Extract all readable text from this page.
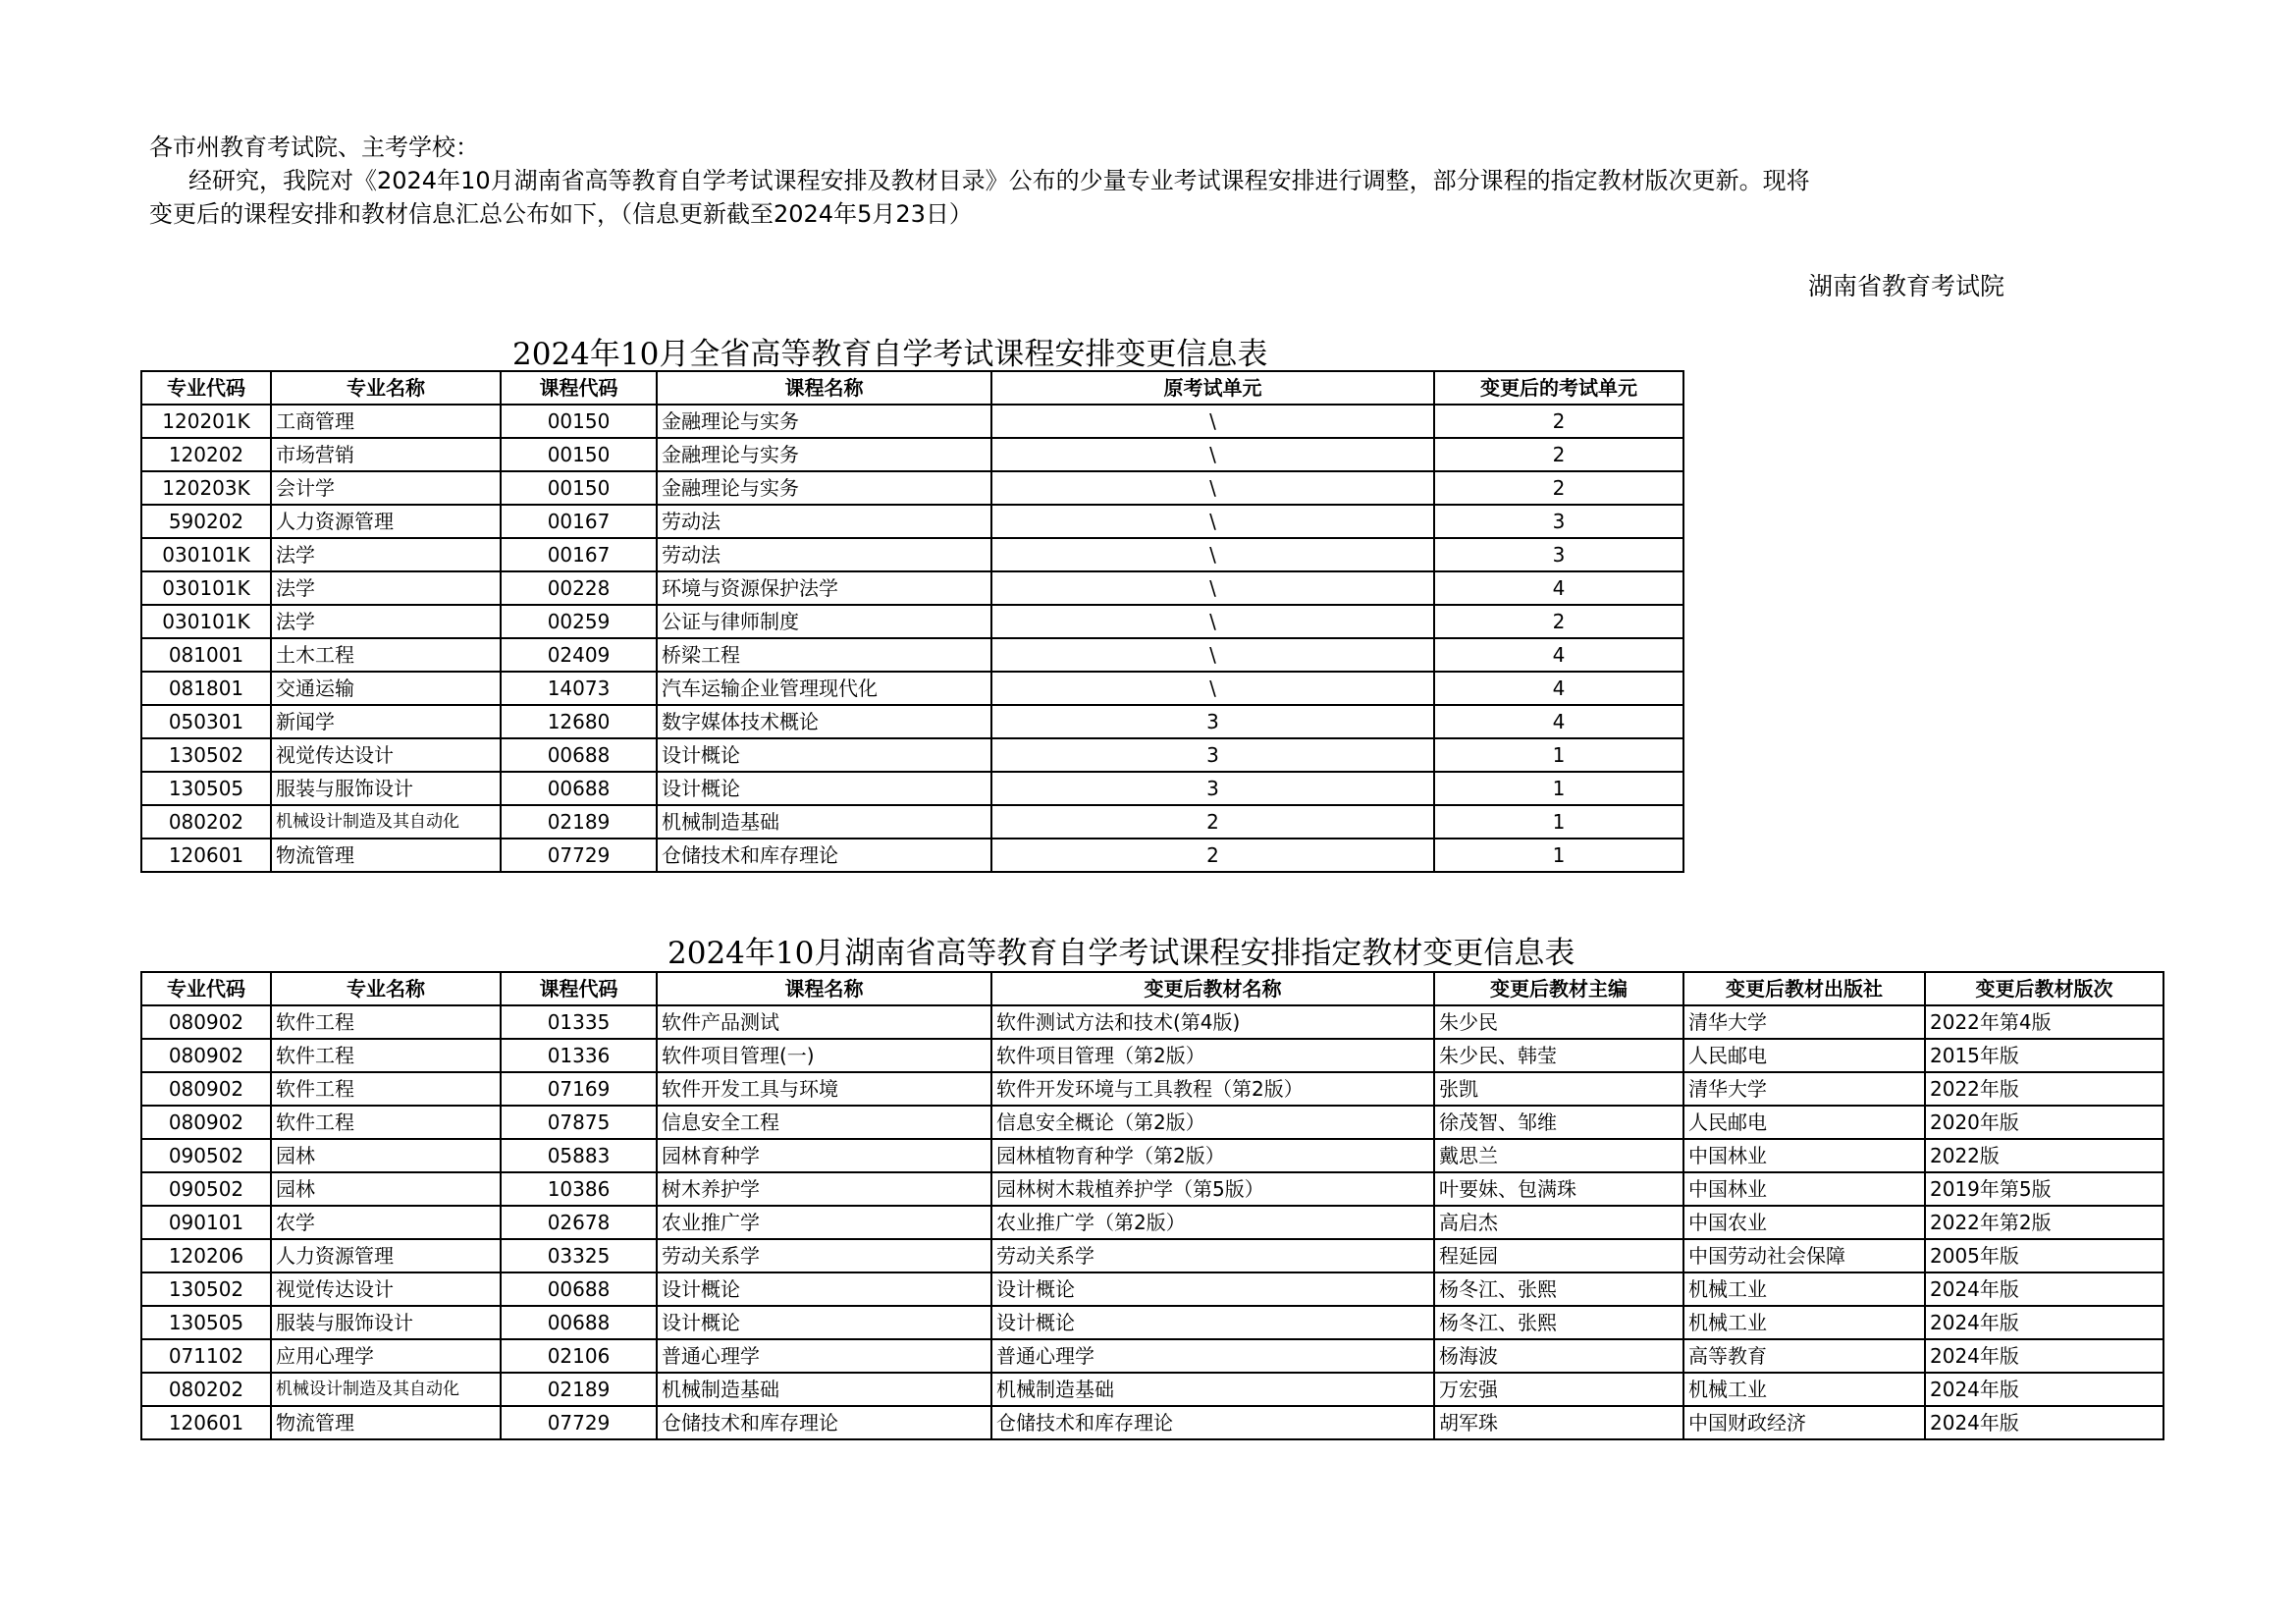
各市州教育考试院、主考学校：

经研究，我院对《2024年10月湖南省高等教育自学考试课程安排及教材目录》公布的少量专业考试课程安排进行调整，部分课程的指定教材版次更新。现将

变更后的课程安排和教材信息汇总公布如下，（信息更新截至2024年5月23日）

湖南省教育考试院
2024年10月全省高等教育自学考试课程安排变更信息表
专业代码	专业名称	课程代码	课程名称	原考试单元	变更后的考试单元
120201K	工商管理	00150	金融理论与实务	\	2
120202	市场营销	00150	金融理论与实务	\	2
120203K	会计学	00150	金融理论与实务	\	2
590202	人力资源管理	00167	劳动法	\	3
030101K	法学	00167	劳动法	\	3
030101K	法学	00228	环境与资源保护法学	\	4
030101K	法学	00259	公证与律师制度	\	2
081001	土木工程	02409	桥梁工程	\	4
081801	交通运输	14073	汽车运输企业管理现代化	\	4
050301	新闻学	12680	数字媒体技术概论	3	4
130502	视觉传达设计	00688	设计概论	3	1
130505	服装与服饰设计	00688	设计概论	3	1
080202	机械设计制造及其自动化	02189	机械制造基础	2	1
120601	物流管理	07729	仓储技术和库存理论	2	1
2024年10月湖南省高等教育自学考试课程安排指定教材变更信息表
专业代码	专业名称	课程代码	课程名称	变更后教材名称	变更后教材主编	变更后教材出版社	变更后教材版次
080902	软件工程	01335	软件产品测试	软件测试方法和技术(第4版)	朱少民	清华大学	2022年第4版
080902	软件工程	01336	软件项目管理(一)	软件项目管理（第2版）	朱少民、韩莹	人民邮电	2015年版
080902	软件工程	07169	软件开发工具与环境	软件开发环境与工具教程（第2版）	张凯	清华大学	2022年版
080902	软件工程	07875	信息安全工程	信息安全概论（第2版）	徐茂智、邹维	人民邮电	2020年版
090502	园林	05883	园林育种学	园林植物育种学（第2版）	戴思兰	中国林业	2022版
090502	园林	10386	树木养护学	园林树木栽植养护学（第5版）	叶要妹、包满珠	中国林业	2019年第5版
090101	农学	02678	农业推广学	农业推广学（第2版）	高启杰	中国农业	2022年第2版
120206	人力资源管理	03325	劳动关系学	劳动关系学	程延园	中国劳动社会保障	2005年版
130502	视觉传达设计	00688	设计概论	设计概论	杨冬江、张熙	机械工业	2024年版
130505	服装与服饰设计	00688	设计概论	设计概论	杨冬江、张熙	机械工业	2024年版
071102	应用心理学	02106	普通心理学	普通心理学	杨海波	高等教育	2024年版
080202	机械设计制造及其自动化	02189	机械制造基础	机械制造基础	万宏强	机械工业	2024年版
120601	物流管理	07729	仓储技术和库存理论	仓储技术和库存理论	胡军珠	中国财政经济	2024年版
